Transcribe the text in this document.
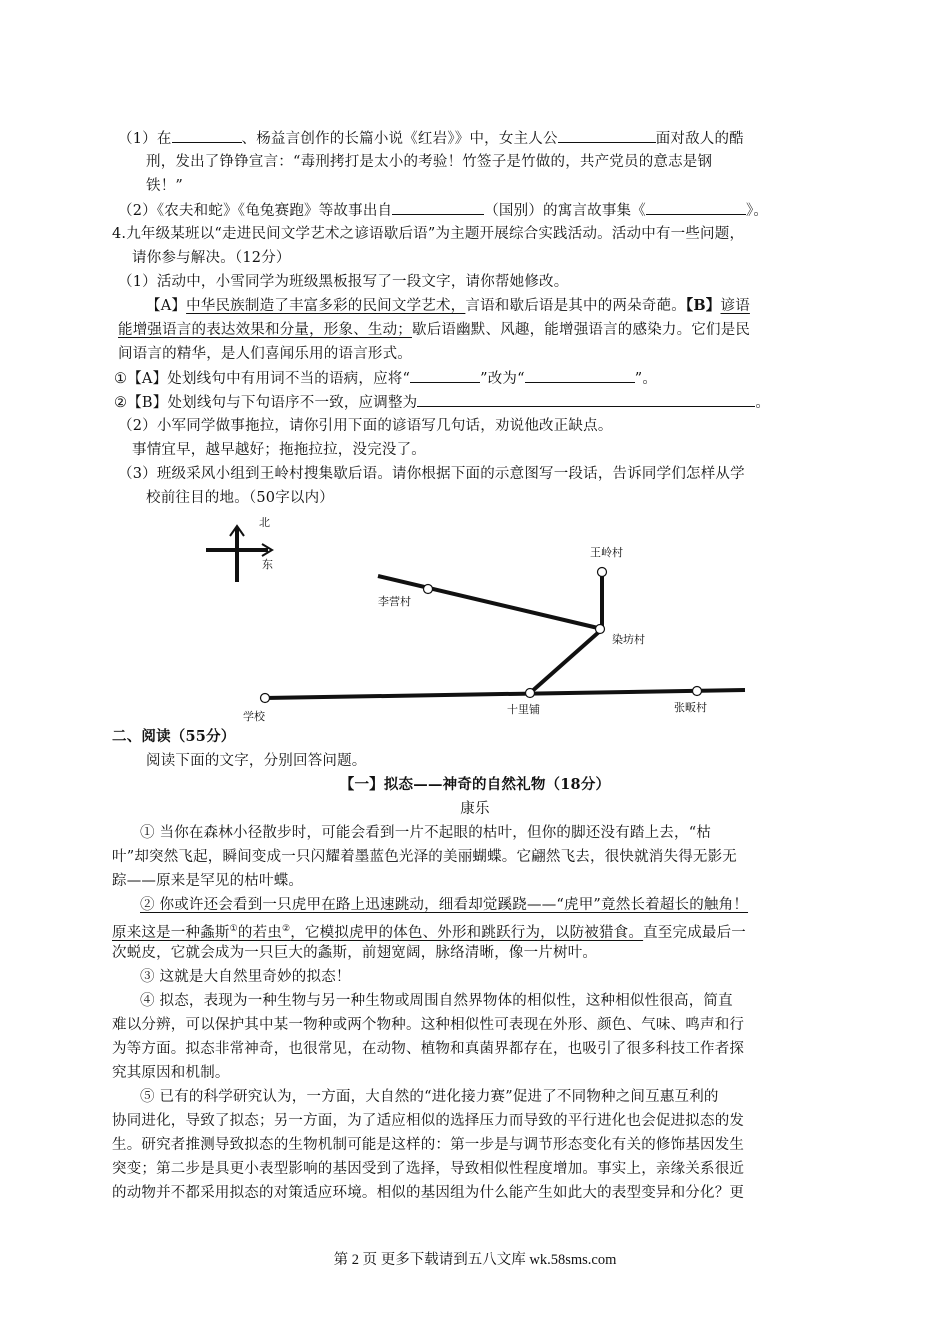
（1）在	、杨益言创作的长篇小说《红岩》》中，女主人公	面对敌人的酷
刑，发出了铮铮宣言：“毒刑拷打是太小的考验！竹签子是竹做的，共产党员的意志是钢
铁！”
（2）《农夫和蛇》《龟兔赛跑》等故事出自	（国别）的寓言故事集《	》。
4.九年级某班以“走进民间文学艺术之谚语歇后语”为主题开展综合实践活动。活动中有一些问题，
请你参与解决。（12分）
（1）活动中，小雪同学为班级黑板报写了一段文字，请你帮她修改。
【A】中华民族制造了丰富多彩的民间文学艺术，言语和歇后语是其中的两朵奇葩。【B】谚语
能增强语言的表达效果和分量，形象、生动；歇后语幽默、风趣，能增强语言的感染力。它们是民
间语言的精华，是人们喜闻乐用的语言形式。
①【A】处划线句中有用词不当的语病，应将“	”改为“	”。
②【B】处划线句与下句语序不一致，应调整为	。
（2）小军同学做事拖拉，请你引用下面的谚语写几句话，劝说他改正缺点。
事情宜早，越早越好；拖拖拉拉，没完没了。
（3）班级采风小组到王岭村搜集歇后语。请你根据下面的示意图写一段话，告诉同学们怎样从学
校前往目的地。（50字以内）
北
东
王岭村
李营村
染坊村
学校
十里铺	张畈村
二、阅读（55分）
阅读下面的文字，分别回答问题。
【一】拟态——神奇的自然礼物（18分）
康乐
① 当你在森林小径散步时，可能会看到一片不起眼的枯叶，但你的脚还没有踏上去，“枯
叶”却突然飞起，瞬间变成一只闪耀着墨蓝色光泽的美丽蝴蝶。它翩然飞去，很快就消失得无影无
踪——原来是罕见的枯叶蝶。
② 你或许还会看到一只虎甲在路上迅速跳动，细看却觉蹊跷——“虎甲”竟然长着超长的触角！
原来这是一种螽斯①的若虫②，它模拟虎甲的体色、外形和跳跃行为，以防被猎食。直至完成最后一
次蜕皮，它就会成为一只巨大的螽斯，前翅宽阔，脉络清晰，像一片树叶。
③ 这就是大自然里奇妙的拟态！
④ 拟态，表现为一种生物与另一种生物或周围自然界物体的相似性，这种相似性很高，简直
难以分辨，可以保护其中某一物种或两个物种。这种相似性可表现在外形、颜色、气味、鸣声和行
为等方面。拟态非常神奇，也很常见，在动物、植物和真菌界都存在，也吸引了很多科技工作者探
究其原因和机制。
⑤ 已有的科学研究认为，一方面，大自然的“进化接力赛”促进了不同物种之间互惠互利的
协同进化，导致了拟态；另一方面，为了适应相似的选择压力而导致的平行进化也会促进拟态的发
生。研究者推测导致拟态的生物机制可能是这样的：第一步是与调节形态变化有关的修饰基因发生
突变；第二步是具更小表型影响的基因受到了选择，导致相似性程度增加。事实上，亲缘关系很近
的动物并不都采用拟态的对策适应环境。相似的基因组为什么能产生如此大的表型变异和分化？更
第 2 页 更多下载请到五八文库 wk.58sms.com
